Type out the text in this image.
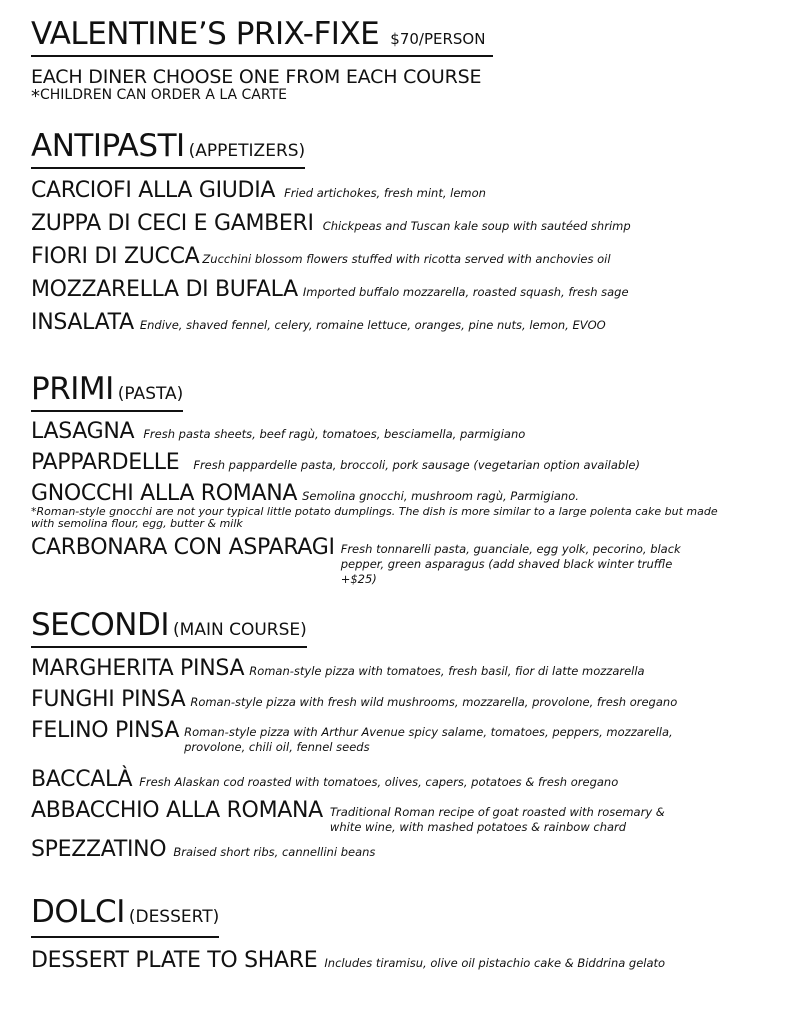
VALENTINE’S PRIX-FIXE $70/PERSON
EACH DINER CHOOSE ONE FROM EACH COURSE
*CHILDREN CAN ORDER A LA CARTE
ANTIPASTI (APPETIZERS)
CARCIOFI ALLA GIUDIA Fried artichokes, fresh mint, lemon
ZUPPA DI CECI E GAMBERI Chickpeas and Tuscan kale soup with sautéed shrimp
FIORI DI ZUCCA Zucchini blossom flowers stuffed with ricotta served with anchovies oil
MOZZARELLA DI BUFALA Imported buffalo mozzarella, roasted squash, fresh sage
INSALATA Endive, shaved fennel, celery, romaine lettuce, oranges, pine nuts, lemon, EVOO
PRIMI (PASTA)
LASAGNA Fresh pasta sheets, beef ragù, tomatoes, besciamella, parmigiano
PAPPARDELLE Fresh pappardelle pasta, broccoli, pork sausage (vegetarian option available)
GNOCCHI ALLA ROMANA Semolina gnocchi, mushroom ragù, Parmigiano.
*Roman-style gnocchi are not your typical little potato dumplings. The dish is more similar to a large polenta cake but made with semolina flour, egg, butter & milk
CARBONARA CON ASPARAGI Fresh tonnarelli pasta, guanciale, egg yolk, pecorino, black pepper, green asparagus (add shaved black winter truffle +$25)
SECONDI (MAIN COURSE)
MARGHERITA PINSA Roman-style pizza with tomatoes, fresh basil, fior di latte mozzarella
FUNGHI PINSA Roman-style pizza with fresh wild mushrooms, mozzarella, provolone, fresh oregano
FELINO PINSA Roman-style pizza with Arthur Avenue spicy salame, tomatoes, peppers, mozzarella, provolone, chili oil, fennel seeds
BACCALÀ Fresh Alaskan cod roasted with tomatoes, olives, capers, potatoes & fresh oregano
ABBACCHIO ALLA ROMANA Traditional Roman recipe of goat roasted with rosemary & white wine, with mashed potatoes & rainbow chard
SPEZZATINO Braised short ribs, cannellini beans
DOLCI (DESSERT)
DESSERT PLATE TO SHARE Includes tiramisu, olive oil pistachio cake & Biddrina gelato
